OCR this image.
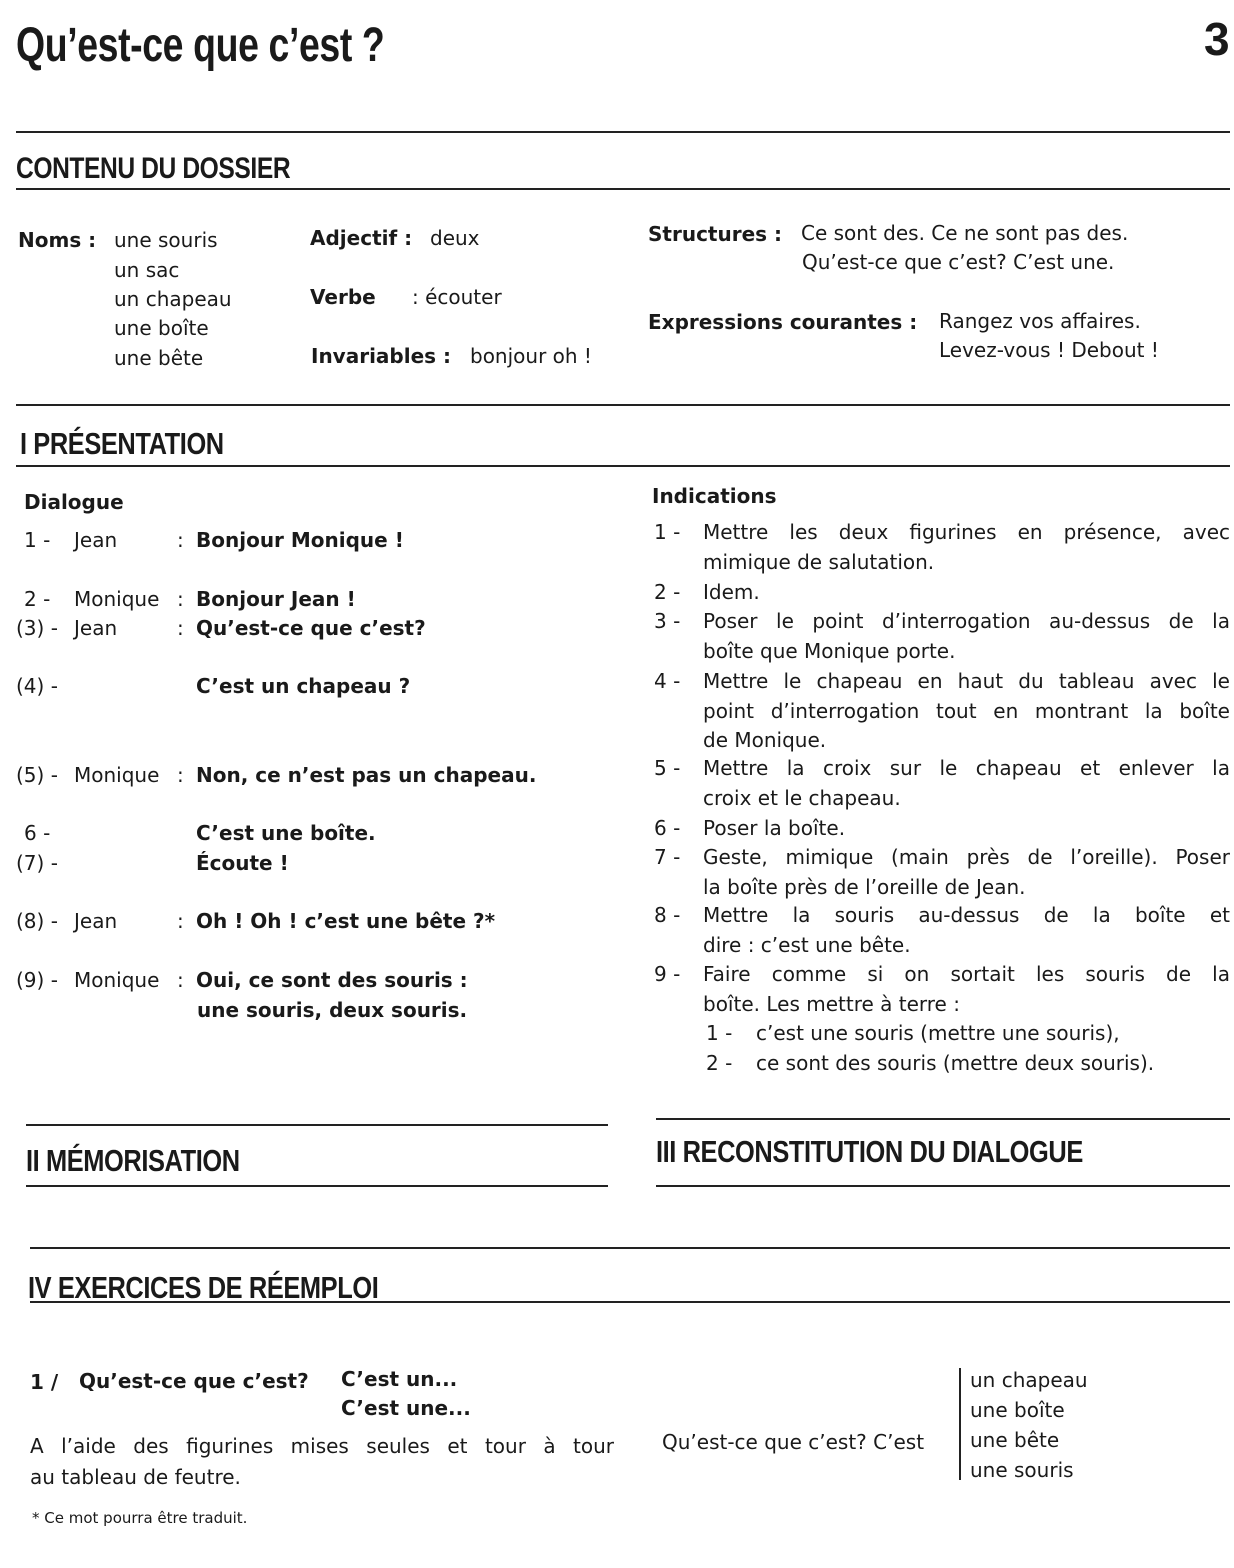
Qu’est-ce que c’est ?	3
CONTENU DU DOSSIER
Noms : une souris
un sac
un chapeau
une boîte
une bête
Adjectif : deux
Verbe : écouter
Invariables : bonjour oh !
Structures : Ce sont des. Ce ne sont pas des.
Qu’est-ce que c’est? C’est une.
Expressions courantes : Rangez vos affaires.
Levez-vous ! Debout !
I PRÉSENTATION
Dialogue	Indications
1 - Jean	: Bonjour Monique !
2 - Monique : Bonjour Jean !
(3) - Jean	: Qu’est-ce que c’est?
(4) -	C’est un chapeau ?
(5) - Monique : Non, ce n’est pas un chapeau.
6 -	C’est une boîte.
(7) -	Écoute !
(8) - Jean	: Oh ! Oh ! c’est une bête ?*
(9) - Monique : Oui, ce sont des souris :
une souris, deux souris.
1 - Mettre les deux figurines en présence, avec
mimique de salutation.
2 - Idem.
3 - Poser le point d’interrogation au-dessus de la
boîte que Monique porte.
4 - Mettre le chapeau en haut du tableau avec le
point d’interrogation tout en montrant la boîte
de Monique.
5 - Mettre la croix sur le chapeau et enlever la
croix et le chapeau.
6 - Poser la boîte.
7 - Geste, mimique (main près de l’oreille). Poser
la boîte près de l’oreille de Jean.
8 - Mettre la souris au-dessus de la boîte et
dire : c’est une bête.
9 - Faire comme si on sortait les souris de la
boîte. Les mettre à terre :
1 - c’est une souris (mettre une souris),
2 - ce sont des souris (mettre deux souris).
II MÉMORISATION	III RECONSTITUTION DU DIALOGUE
IV EXERCICES DE RÉEMPLOI
1 / Qu’est-ce que c’est? C’est un...
C’est une...
A l’aide des figurines mises seules et tour à tour
au tableau de feutre.
Qu’est-ce que c’est? C’est
un chapeau
une boîte
une bête
une souris
* Ce mot pourra être traduit.
